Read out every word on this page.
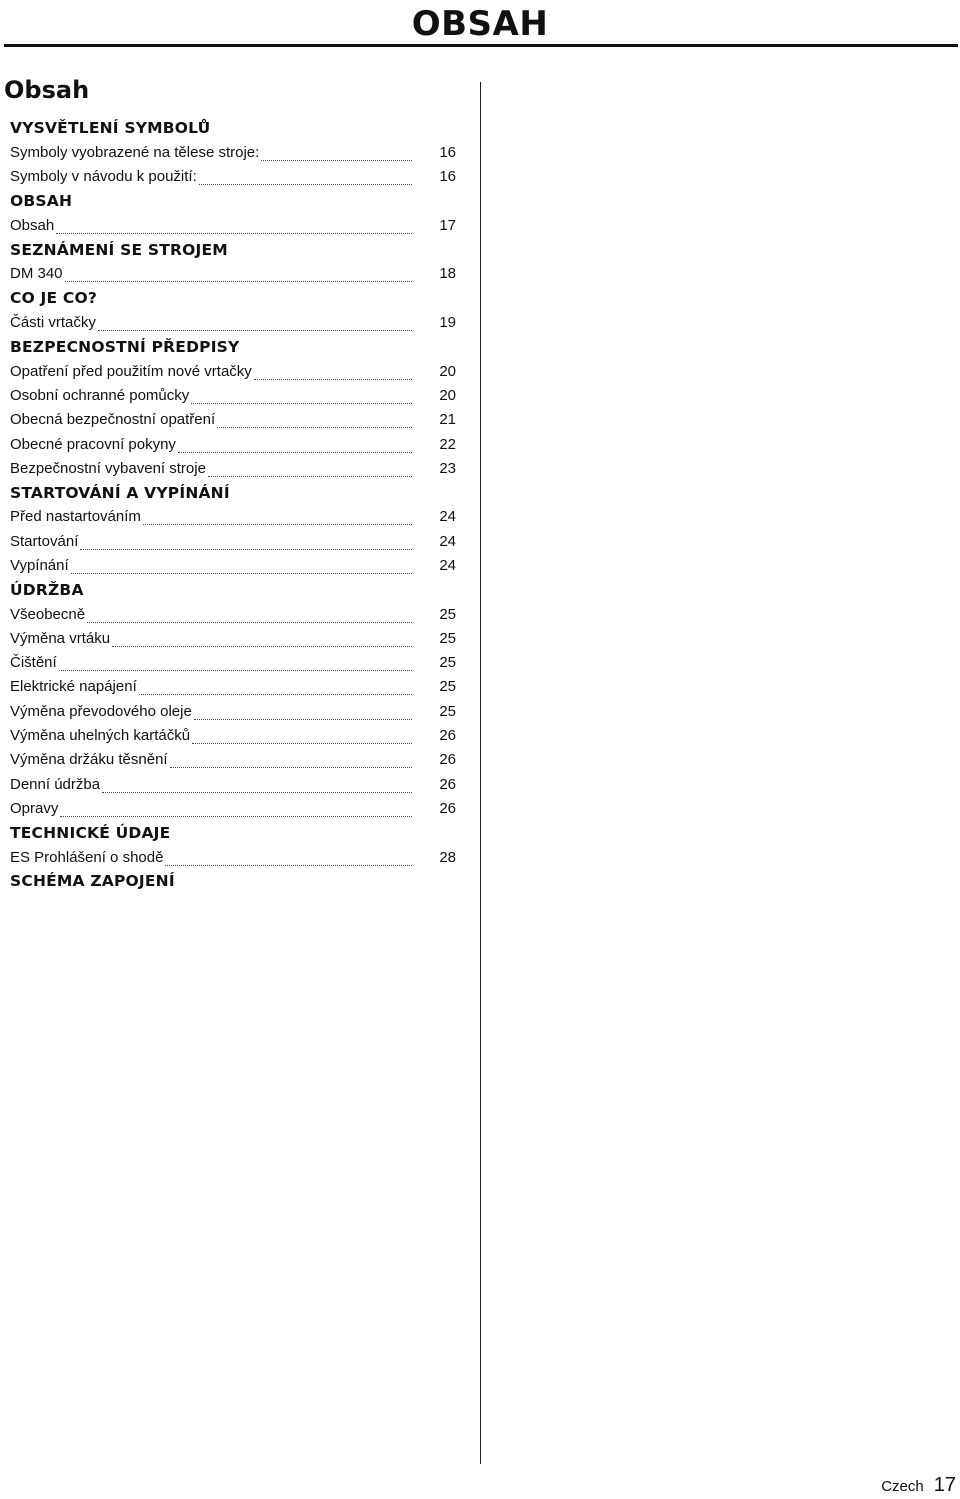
OBSAH
Obsah
VYSVĚTLENÍ SYMBOLŮ
Symboly vyobrazené na tělese stroje:	16
Symboly v návodu k použití:	16
OBSAH
Obsah	17
SEZNÁMENÍ SE STROJEM
DM 340	18
CO JE CO?
Části vrtačky	19
BEZPECNOSTNÍ PŘEDPISY
Opatření před použitím nové vrtačky	20
Osobní ochranné pomůcky	20
Obecná bezpečnostní opatření	21
Obecné pracovní pokyny	22
Bezpečnostní vybavení stroje	23
STARTOVÁNÍ A VYPÍNÁNÍ
Před nastartováním	24
Startování	24
Vypínání	24
ÚDRŽBA
Všeobecně	25
Výměna vrtáku	25
Čištění	25
Elektrické napájení	25
Výměna převodového oleje	25
Výměna uhelných kartáčků	26
Výměna držáku těsnění	26
Denní údržba	26
Opravy	26
TECHNICKÉ ÚDAJE
ES Prohlášení o shodě	28
SCHÉMA ZAPOJENÍ
Czech 17
